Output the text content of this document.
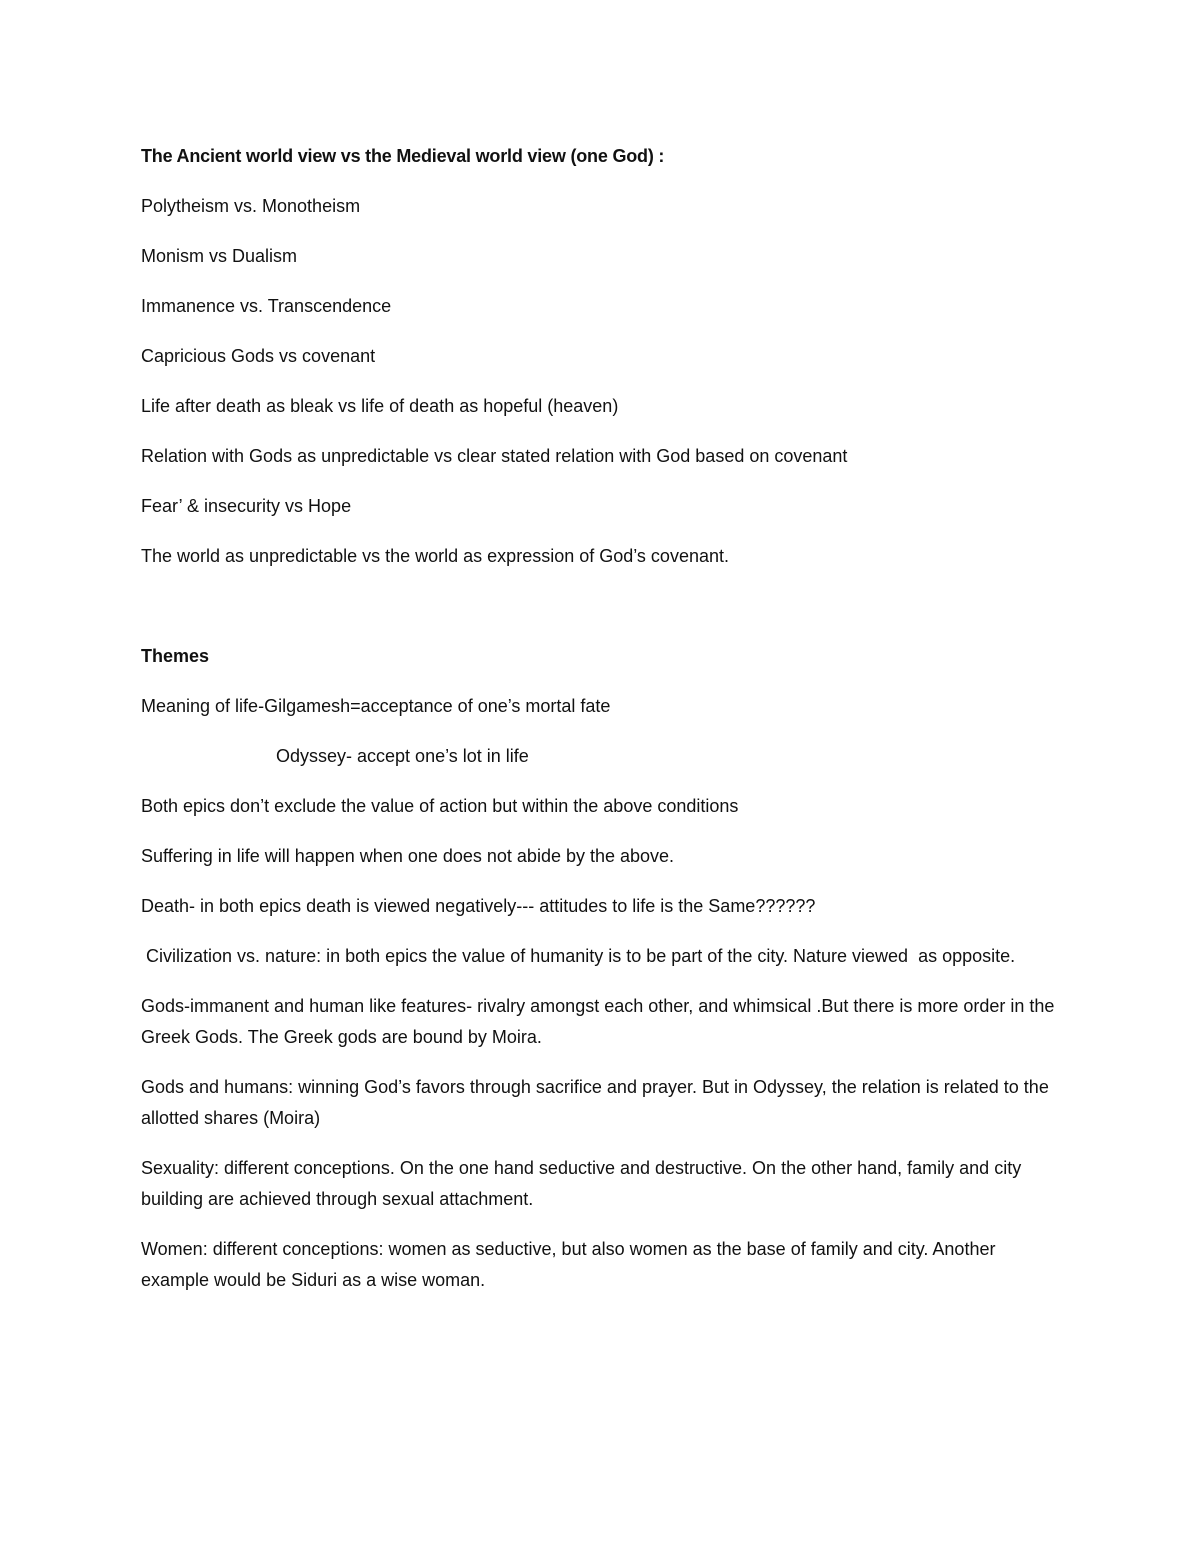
The Ancient world view vs the Medieval world view (one God) :
Polytheism vs. Monotheism
Monism vs Dualism
Immanence vs. Transcendence
Capricious Gods vs covenant
Life after death as bleak vs life of death as hopeful (heaven)
Relation with Gods as unpredictable vs clear stated relation with God based on covenant
Fear’ & insecurity vs Hope
The world as unpredictable vs the world as expression of God’s covenant.
Themes
Meaning of life-Gilgamesh=acceptance of one’s mortal fate
Odyssey- accept one’s lot in life
Both epics don’t exclude the value of action but within the above conditions
Suffering in life will happen when one does not abide by the above.
Death- in both epics death is viewed negatively--- attitudes to life is the Same??????
Civilization vs. nature: in both epics the value of humanity is to be part of the city. Nature viewed  as opposite.
Gods-immanent and human like features- rivalry amongst each other, and whimsical .But there is more order in the Greek Gods. The Greek gods are bound by Moira.
Gods and humans: winning God’s favors through sacrifice and prayer. But in Odyssey, the relation is related to the allotted shares (Moira)
Sexuality: different conceptions. On the one hand seductive and destructive. On the other hand, family and city building are achieved through sexual attachment.
Women: different conceptions: women as seductive, but also women as the base of family and city. Another example would be Siduri as a wise woman.
